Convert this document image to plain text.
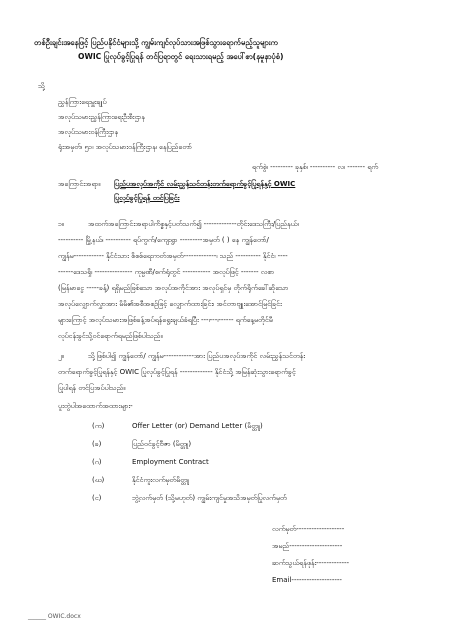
တစ်ဦးချင်းအနေဖြင့် ပြည်ပနိုင်ငံများသို့ ကျွမ်းကျင်လုပ်သားအဖြစ်သွားရောက်မည့်သူများက
OWIC ပြုလုပ်ခွင့်ပြုရန် တင်ပြရာတွင် ရေးသားရမည့် အပေါ်စာ(နမူနာပုံစံ)
သို့
ညွှန်ကြားရေးမှူးချုပ်
အလုပ်သမားညွှန်ကြားရေးဦးစီးဌာန
အလုပ်သမားဝန်ကြီးဌာန
ရုံးအမှတ်၊ ၅၁၊ အလုပ်သမားဝန်ကြီးဌာန၊ နေပြည်တော်
ရက်စွဲ၊ --------- ခုနှစ်၊ ---------- လ၊ ------- ရက်
အကြောင်းအရာ။ ပြည်ပအလုပ်အကိုင် လမ်းညွှန်သင်တန်းတက်ရောက်ခွင့်ပြုရန်နှင့် OWIC
ပြုလုပ်ခွင့်ပြုရန် တင်ပြခြင်း
၁။	အထက်အကြောင်းအရာပါကိစ္စနှင့်ပတ်သက်၍ -------------တိုင်းဒေသကြီး/ပြည်နယ်၊
---------- မြို့နယ်၊ ---------- ရပ်ကွက်/ကျေးရွာ ---------အမှတ် ( ) နေ ကျွန်တော်/
ကျွန်မ------------ နိုင်ငံသား စိစစ်ရေးကတ်အမှတ်-------------၊ သည် ---------- နိုင်ငံ၊ ----
------ဒေသရှိ၊ --------------- ကုမ္ပဏီ/စက်ရုံတွင် ----------- အလုပ်ဖြင့် ------- လစာ
(မြန်မာငွေ -----ခန့်) ရရှိမည်ဖြစ်သော အလုပ်အကိုင်အား အလုပ်ရှင်မှ တိုက်ရိုက်ခေါ်ဆိုသော
အလုပ်လျှောက်လွှာအား မိမိ၏အစီအစဉ်ဖြင့် လျှောက်ထားခြင်း၊ အင်တာဗျူးအောင်မြင်ခြင်း
များကြောင့် အလုပ်သမားအဖြစ်ခန့်အပ်ရန်ရွေးချယ်ခံရပြီး ---၊---၊------ ရက်နေ့မတိုင်မီ
လုပ်ငန်းခွင်သို့ဝင်ရောက်ရမည်ဖြစ်ပါသည်။
၂။	သို့ဖြစ်ပါ၍ ကျွန်တော်/ ကျွန်မ------------အား ပြည်ပအလုပ်အကိုင် လမ်းညွှန်သင်တန်း
တက်ရောက်ခွင့်ပြုရန်နှင့် OWIC ပြုလုပ်ခွင့်ပြုရန် ------------- နိုင်ငံသို့ အမြန်ဆုံးသွားရောက်ခွင့်
ပြုပါရန် တင်ပြအပ်ပါသည်။
ပူးတွဲပါအထောက်အထားများ-
(က)	Offer Letter (or) Demand Letter (မိတ္တူ)
(ခ)	ပြည်ဝင်ခွင့်ဗီဇာ (မိတ္တူ)
(ဂ)	Employment Contract
(ဃ)	နိုင်ငံကူးလက်မှတ်မိတ္တူ
(င)	ဘွဲ့လက်မှတ် (သို့မဟုတ်) ကျွမ်းကျင်မှုအသိအမှတ်ပြုလက်မှတ်
လက်မှတ်-------------------
အမည်---------------------
ဆက်သွယ်ရန်ဖုန်း-------------
Email--------------------
______ OWIC.docx
